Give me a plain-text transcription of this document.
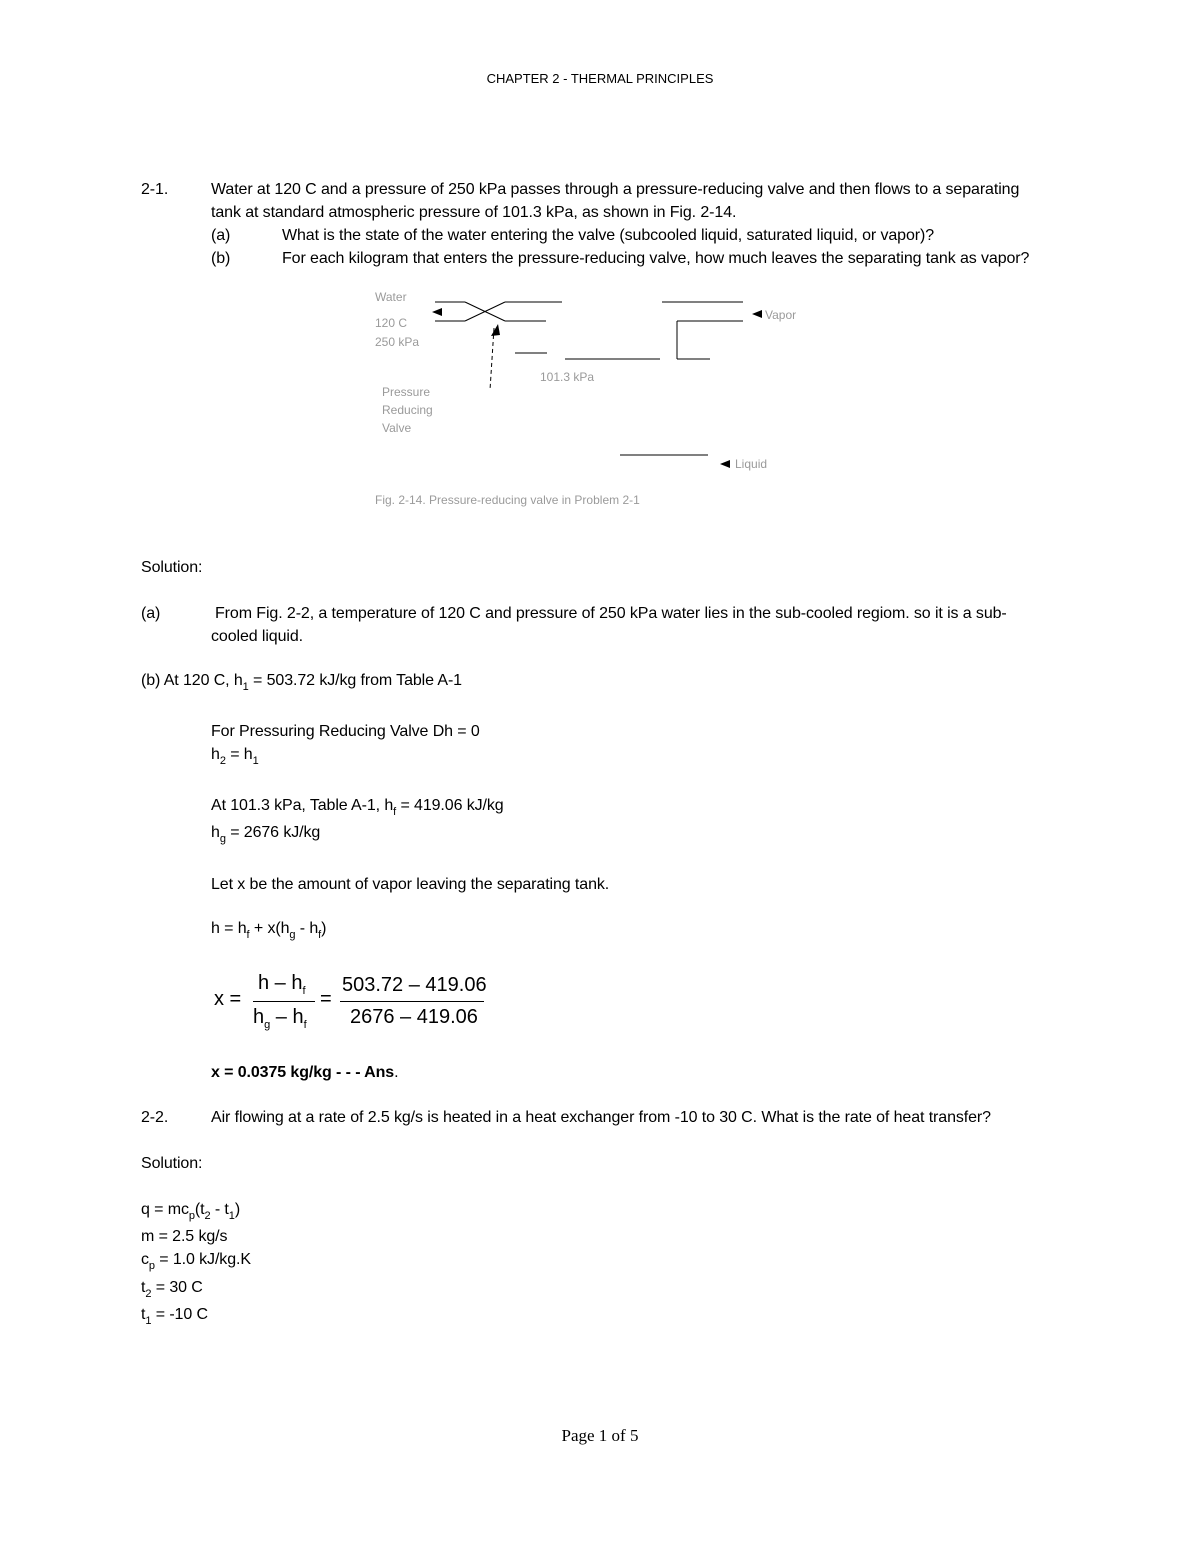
CHAPTER 2 - THERMAL PRINCIPLES
2-1.	Water at 120 C and a pressure of 250 kPa passes through a pressure-reducing valve and then flows to a separating
tank at standard atmospheric pressure of 101.3 kPa, as shown in Fig. 2-14.
(a)	What is the state of the water entering the valve (subcooled liquid, saturated liquid, or vapor)?
(b)	For each kilogram that enters the pressure-reducing valve, how much leaves the separating tank as vapor?
Water
120 C
250 kPa
Pressure
Reducing
Valve
101.3 kPa
Vapor
Liquid
Fig. 2-14. Pressure-reducing valve in Problem 2-1
Solution:
(a)	From Fig. 2-2, a temperature of 120 C and pressure of 250 kPa water lies in the sub-cooled regiom. so it is a sub-
cooled liquid.
(b) At 120 C, $h_1 = 503.72$ kJ/kg from Table A-1
For Pressuring Reducing Valve Dh = 0
$h_2 = h_1$
At 101.3 kPa, Table A-1, $h_f = 419.06$ kJ/kg
$h_g = 2676$ kJ/kg
Let x be the amount of vapor leaving the separating tank.
$h = h_f + x(h_g - h_f)$
x =
h – $h_f$
$h_g - h_f$
=
503.72 – 419.06
2676 – 419.06
x = 0.0375 kg/kg - - - Ans.
2-2.	Air flowing at a rate of 2.5 kg/s is heated in a heat exchanger from -10 to 30 C. What is the rate of heat transfer?
Solution:
$q = mc_p(t_2 - t_1)$
m = 2.5 kg/s
$c_p = 1.0$ kJ/kg.K
$t_2 = 30$ C
$t_1 = -10$ C
Page 1 of 5
